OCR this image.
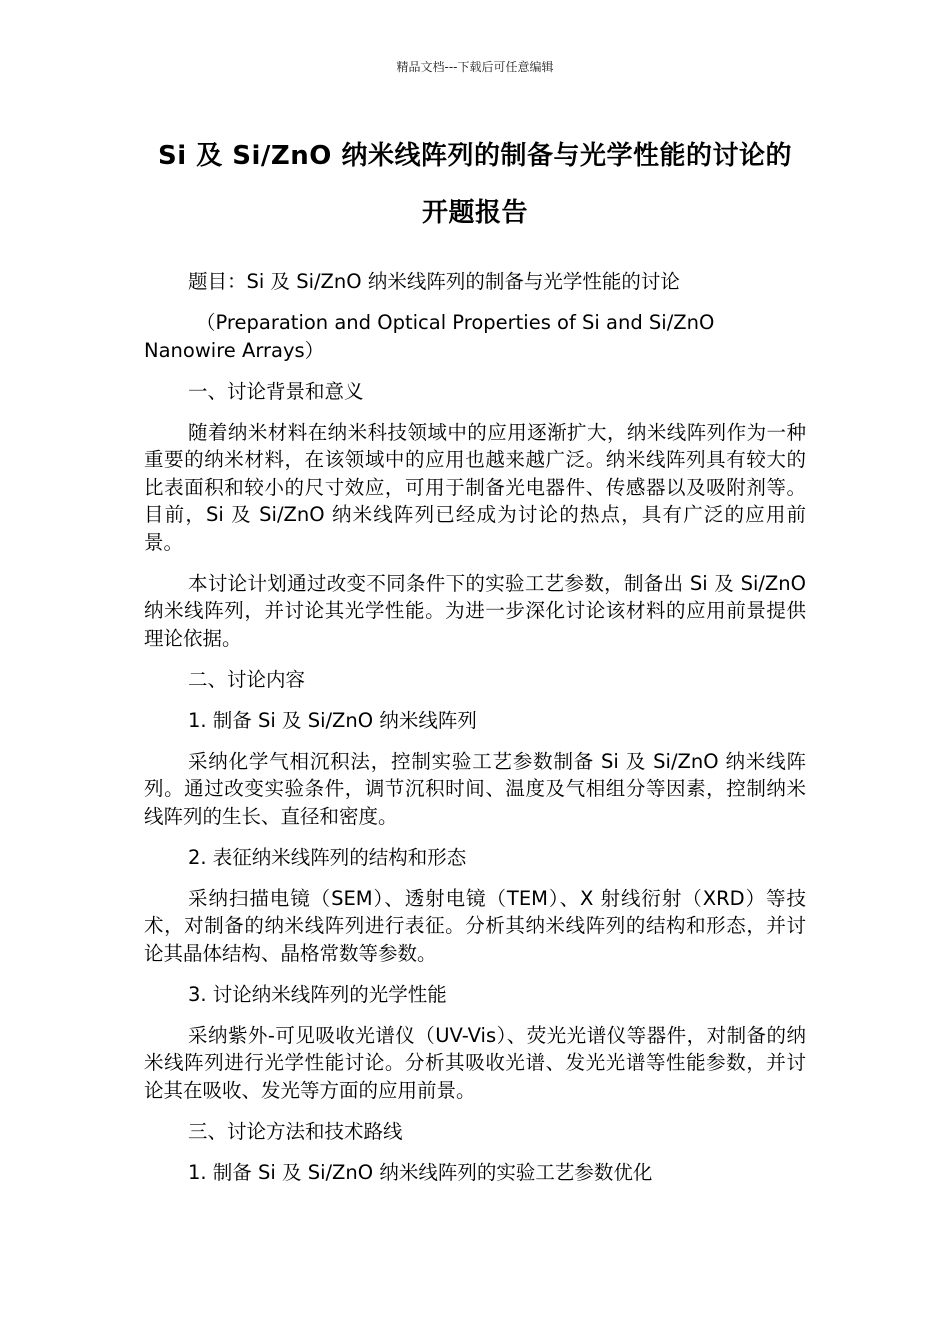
精品文档---下载后可任意编辑
Si 及 Si/ZnO 纳米线阵列的制备与光学性能的讨论的
开题报告

题目：Si 及 Si/ZnO 纳米线阵列的制备与光学性能的讨论

（Preparation and Optical Properties of Si and Si/ZnO Nanowire Arrays）

一、讨论背景和意义

随着纳米材料在纳米科技领域中的应用逐渐扩大，纳米线阵列作为一种重要的纳米材料，在该领域中的应用也越来越广泛。纳米线阵列具有较大的比表面积和较小的尺寸效应，可用于制备光电器件、传感器以及吸附剂等。目前，Si 及 Si/ZnO 纳米线阵列已经成为讨论的热点，具有广泛的应用前景。

本讨论计划通过改变不同条件下的实验工艺参数，制备出 Si 及 Si/ZnO 纳米线阵列，并讨论其光学性能。为进一步深化讨论该材料的应用前景提供理论依据。

二、讨论内容

1. 制备 Si 及 Si/ZnO 纳米线阵列

采纳化学气相沉积法，控制实验工艺参数制备 Si 及 Si/ZnO 纳米线阵列。通过改变实验条件，调节沉积时间、温度及气相组分等因素，控制纳米线阵列的生长、直径和密度。

2. 表征纳米线阵列的结构和形态

采纳扫描电镜（SEM）、透射电镜（TEM）、X 射线衍射（XRD）等技术，对制备的纳米线阵列进行表征。分析其纳米线阵列的结构和形态，并讨论其晶体结构、晶格常数等参数。

3. 讨论纳米线阵列的光学性能

采纳紫外-可见吸收光谱仪（UV-Vis）、荧光光谱仪等器件，对制备的纳米线阵列进行光学性能讨论。分析其吸收光谱、发光光谱等性能参数，并讨论其在吸收、发光等方面的应用前景。

三、讨论方法和技术路线

1. 制备 Si 及 Si/ZnO 纳米线阵列的实验工艺参数优化
